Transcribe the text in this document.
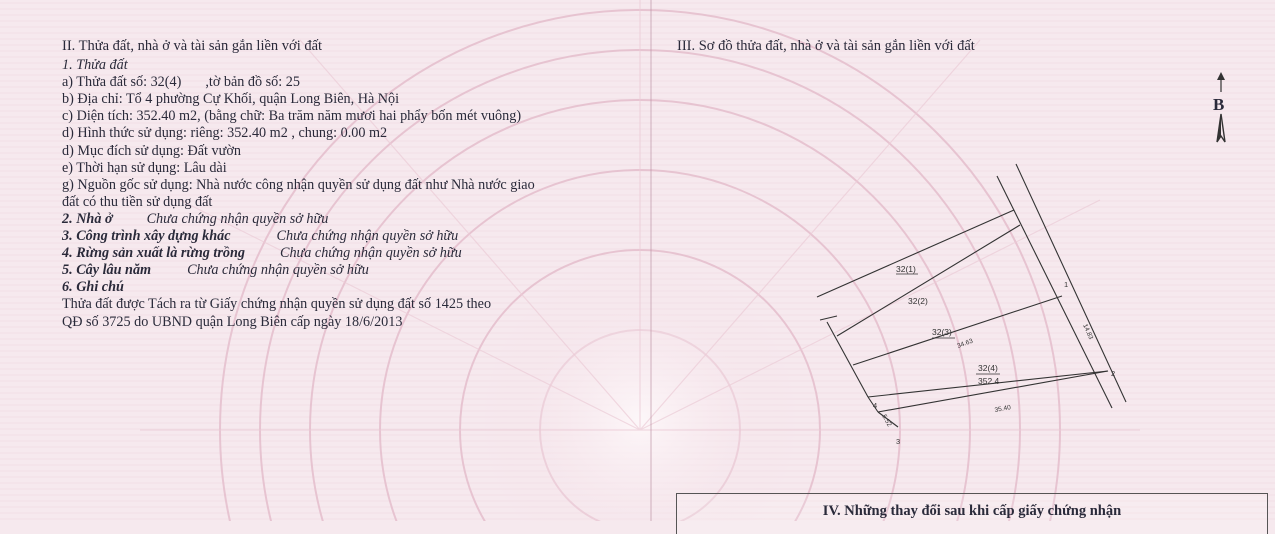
II. Thửa đất, nhà ở và tài sản gắn liền với đất
1. Thửa đất
a) Thửa đất số: 32(4) ,tờ bản đồ số: 25
b) Địa chỉ: Tổ 4 phường Cự Khối, quận Long Biên, Hà Nội
c) Diện tích: 352.40 m2, (bằng chữ: Ba trăm năm mươi hai phẩy bốn mét vuông)
d) Hình thức sử dụng: riêng: 352.40 m2 , chung: 0.00 m2
d) Mục đích sử dụng: Đất vườn
e) Thời hạn sử dụng: Lâu dài
g) Nguồn gốc sử dụng: Nhà nước công nhận quyền sử dụng đất như Nhà nước giao
đất có thu tiền sử dụng đất
2. Nhà ở Chưa chứng nhận quyền sở hữu
3. Công trình xây dựng khác	Chưa chứng nhận quyền sở hữu
4. Rừng sản xuất là rừng trồng Chưa chứng nhận quyền sở hữu
5. Cây lâu năm	Chưa chứng nhận quyền sở hữu
6. Ghi chú
Thửa đất được Tách ra từ Giấy chứng nhận quyền sử dụng đất số 1425 theo
QĐ số 3725 do UBND quận Long Biên cấp ngày 18/6/2013
III. Sơ đồ thửa đất, nhà ở và tài sản gắn liền với đất
B
32(1)
32(2)
32(3)
32(4)
352.4
1
2
3
4
14.83
34.63
35.40
5.52
IV. Những thay đổi sau khi cấp giấy chứng nhận
